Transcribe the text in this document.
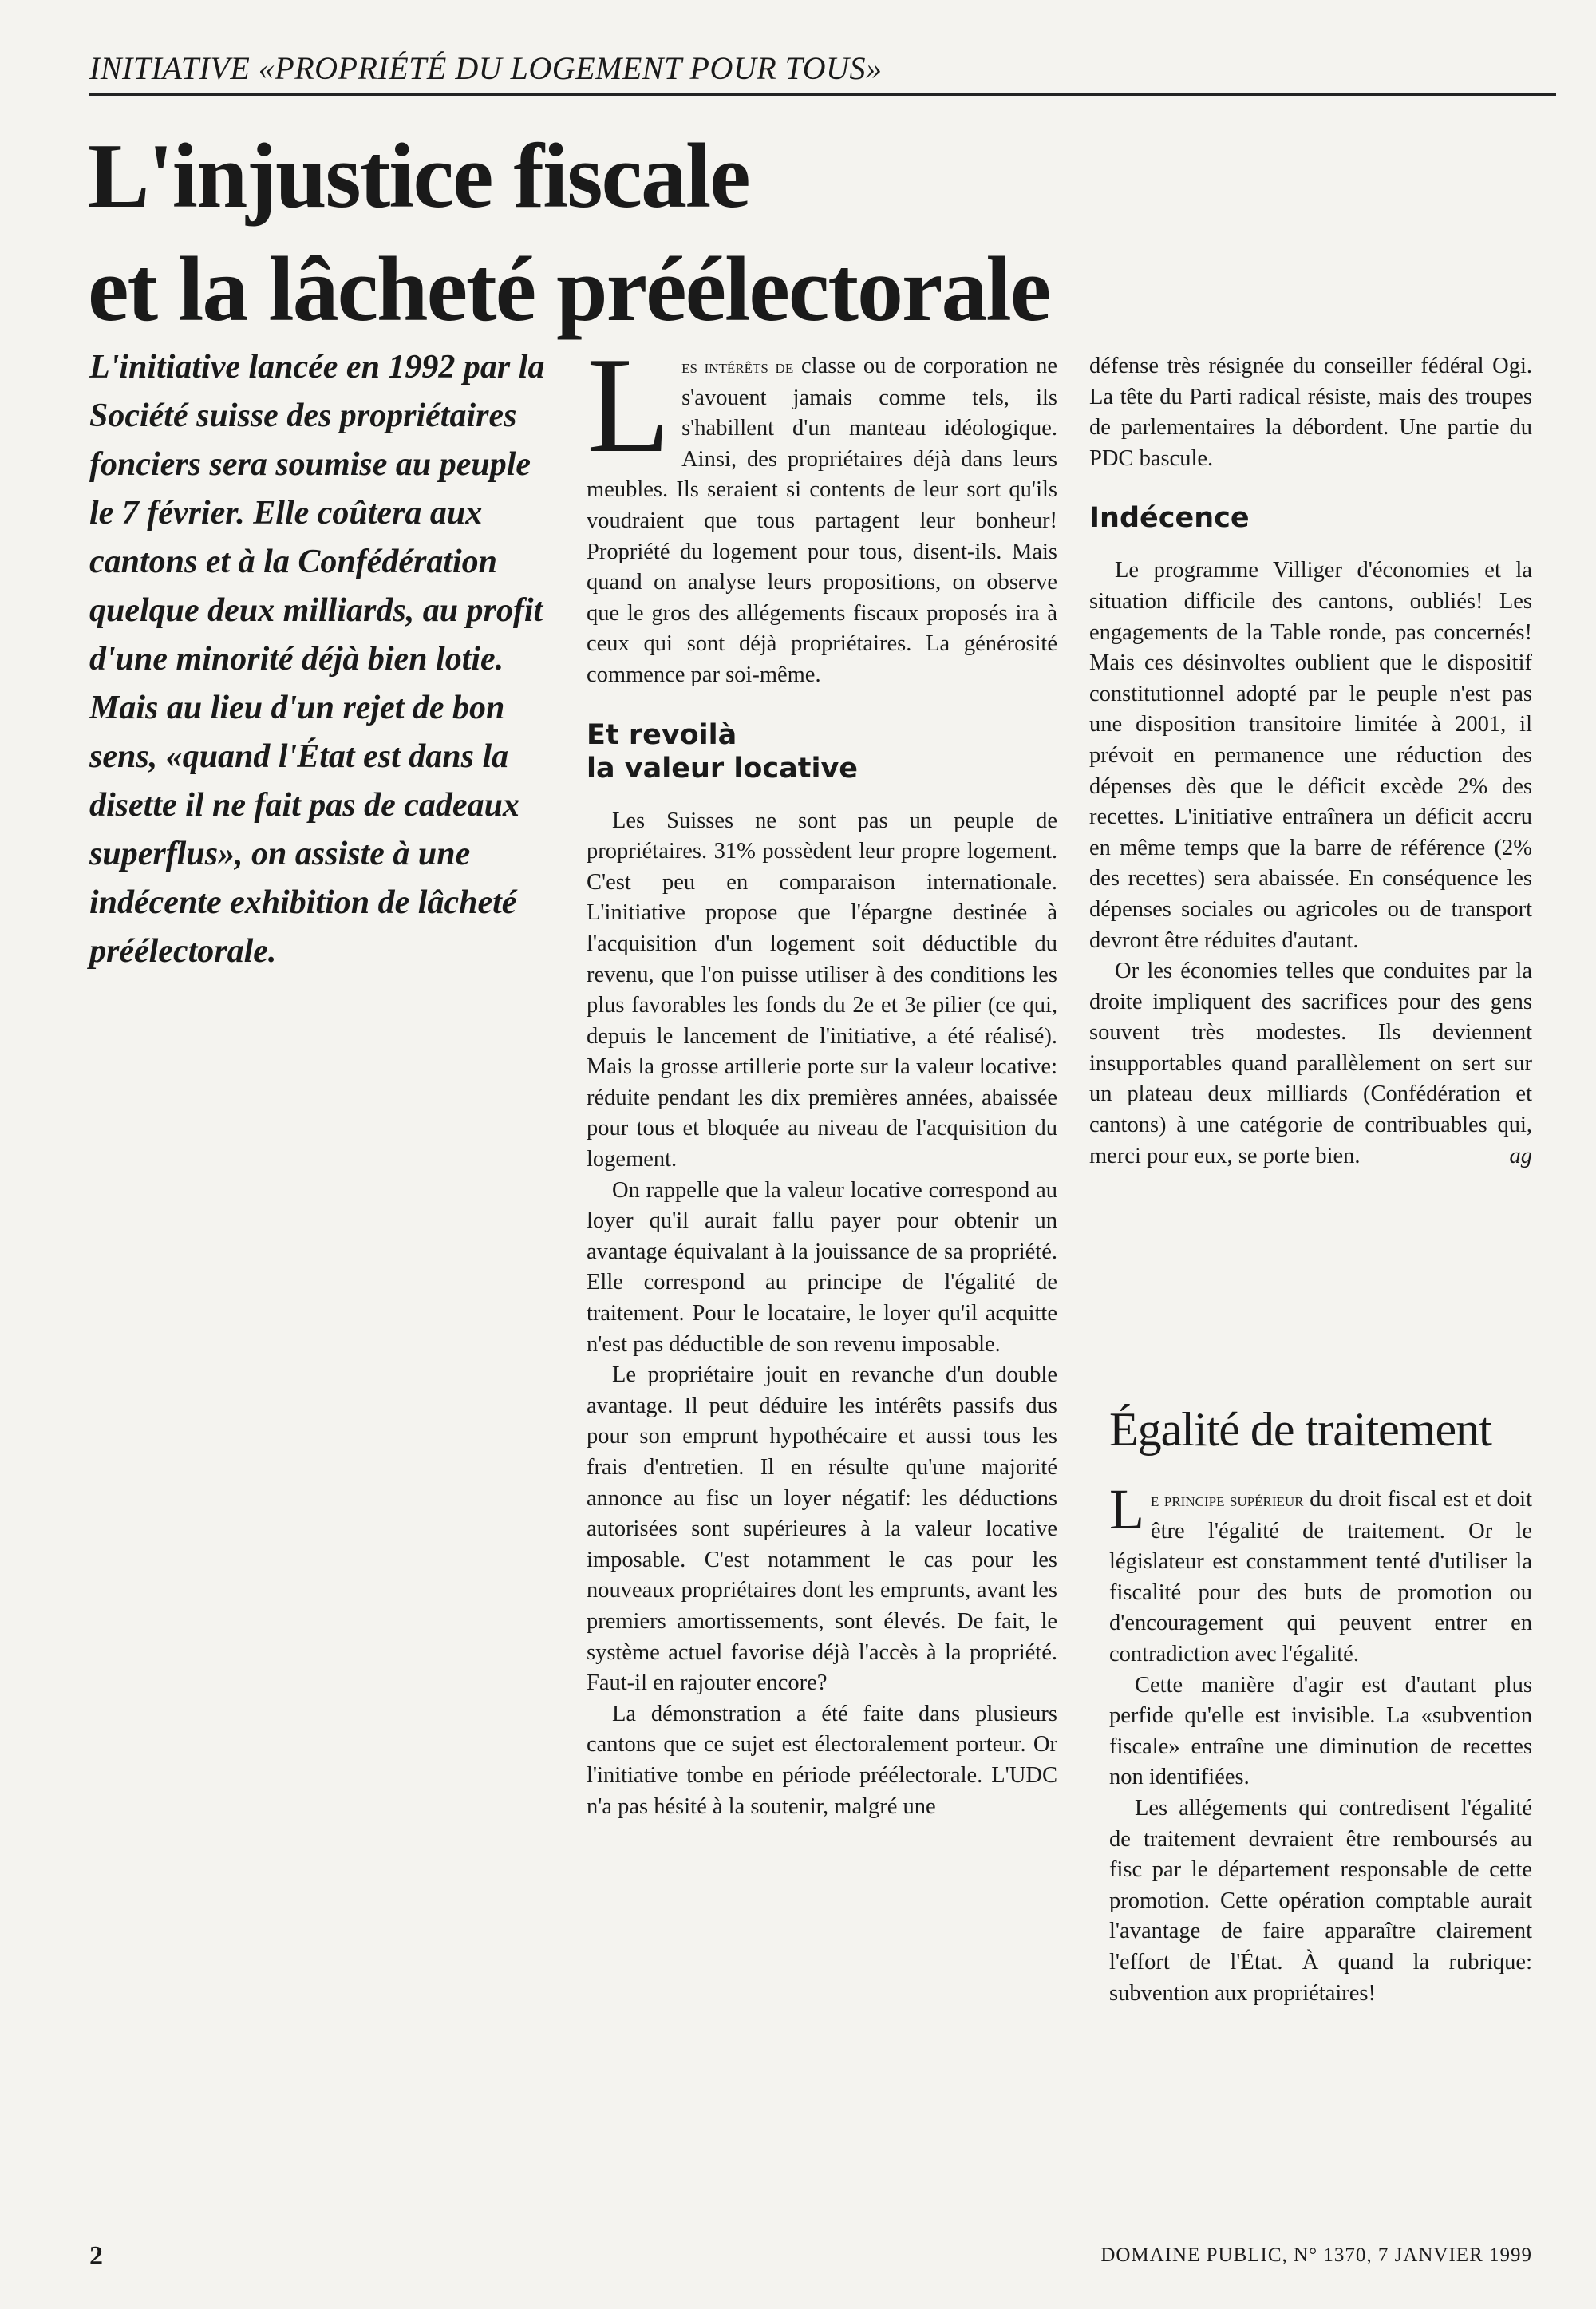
INITIATIVE «PROPRIÉTÉ DU LOGEMENT POUR TOUS»
L'injustice fiscale
et la lâcheté préélectorale
L'initiative lancée en 1992 par la Société suisse des propriétaires fonciers sera soumise au peuple le 7 février. Elle coûtera aux cantons et à la Confédération quelque deux milliards, au profit d'une minorité déjà bien lotie. Mais au lieu d'un rejet de bon sens, «quand l'État est dans la disette il ne fait pas de cadeaux superflus», on assiste à une indécente exhibition de lâcheté préélectorale.

Les intérêts de classe ou de corporation ne s'avouent jamais comme tels, ils s'habillent d'un manteau idéologique. Ainsi, des propriétaires déjà dans leurs meubles. Ils seraient si contents de leur sort qu'ils voudraient que tous partagent leur bonheur! Propriété du logement pour tous, disent-ils. Mais quand on analyse leurs propositions, on observe que le gros des allégements fiscaux proposés ira à ceux qui sont déjà propriétaires. La générosité commence par soi-même.

Et revoilà
la valeur locative

Les Suisses ne sont pas un peuple de propriétaires. 31% possèdent leur propre logement. C'est peu en comparaison internationale. L'initiative propose que l'épargne destinée à l'acquisition d'un logement soit déductible du revenu, que l'on puisse utiliser à des conditions les plus favorables les fonds du 2e et 3e pilier (ce qui, depuis le lancement de l'initiative, a été réalisé). Mais la grosse artillerie porte sur la valeur locative: réduite pendant les dix premières années, abaissée pour tous et bloquée au niveau de l'acquisition du logement.

On rappelle que la valeur locative correspond au loyer qu'il aurait fallu payer pour obtenir un avantage équivalant à la jouissance de sa propriété. Elle correspond au principe de l'égalité de traitement. Pour le locataire, le loyer qu'il acquitte n'est pas déductible de son revenu imposable.

Le propriétaire jouit en revanche d'un double avantage. Il peut déduire les intérêts passifs dus pour son emprunt hypothécaire et aussi tous les frais d'entretien. Il en résulte qu'une majorité annonce au fisc un loyer négatif: les déductions autorisées sont supérieures à la valeur locative imposable. C'est notamment le cas pour les nouveaux propriétaires dont les emprunts, avant les premiers amortissements, sont élevés. De fait, le système actuel favorise déjà l'accès à la propriété. Faut-il en rajouter encore?

La démonstration a été faite dans plusieurs cantons que ce sujet est électoralement porteur. Or l'initiative tombe en période préélectorale. L'UDC n'a pas hésité à la soutenir, malgré une

défense très résignée du conseiller fédéral Ogi. La tête du Parti radical résiste, mais des troupes de parlementaires la débordent. Une partie du PDC bascule.

Indécence

Le programme Villiger d'économies et la situation difficile des cantons, oubliés! Les engagements de la Table ronde, pas concernés! Mais ces désinvoltes oublient que le dispositif constitutionnel adopté par le peuple n'est pas une disposition transitoire limitée à 2001, il prévoit en permanence une réduction des dépenses dès que le déficit excède 2% des recettes. L'initiative entraînera un déficit accru en même temps que la barre de référence (2% des recettes) sera abaissée. En conséquence les dépenses sociales ou agricoles ou de transport devront être réduites d'autant.

Or les économies telles que conduites par la droite impliquent des sacrifices pour des gens souvent très modestes. Ils deviennent insupportables quand parallèlement on sert sur un plateau deux milliards (Confédération et cantons) à une catégorie de contribuables qui, merci pour eux, se porte bien.	ag

Égalité de traitement

Le principe supérieur du droit fiscal est et doit être l'égalité de traitement. Or le législateur est constamment tenté d'utiliser la fiscalité pour des buts de promotion ou d'encouragement qui peuvent entrer en contradiction avec l'égalité.

Cette manière d'agir est d'autant plus perfide qu'elle est invisible. La «subvention fiscale» entraîne une diminution de recettes non identifiées.

Les allégements qui contredisent l'égalité de traitement devraient être remboursés au fisc par le département responsable de cette promotion. Cette opération comptable aurait l'avantage de faire apparaître clairement l'effort de l'État. À quand la rubrique: subvention aux propriétaires!

2	DOMAINE PUBLIC, N° 1370, 7 JANVIER 1999
